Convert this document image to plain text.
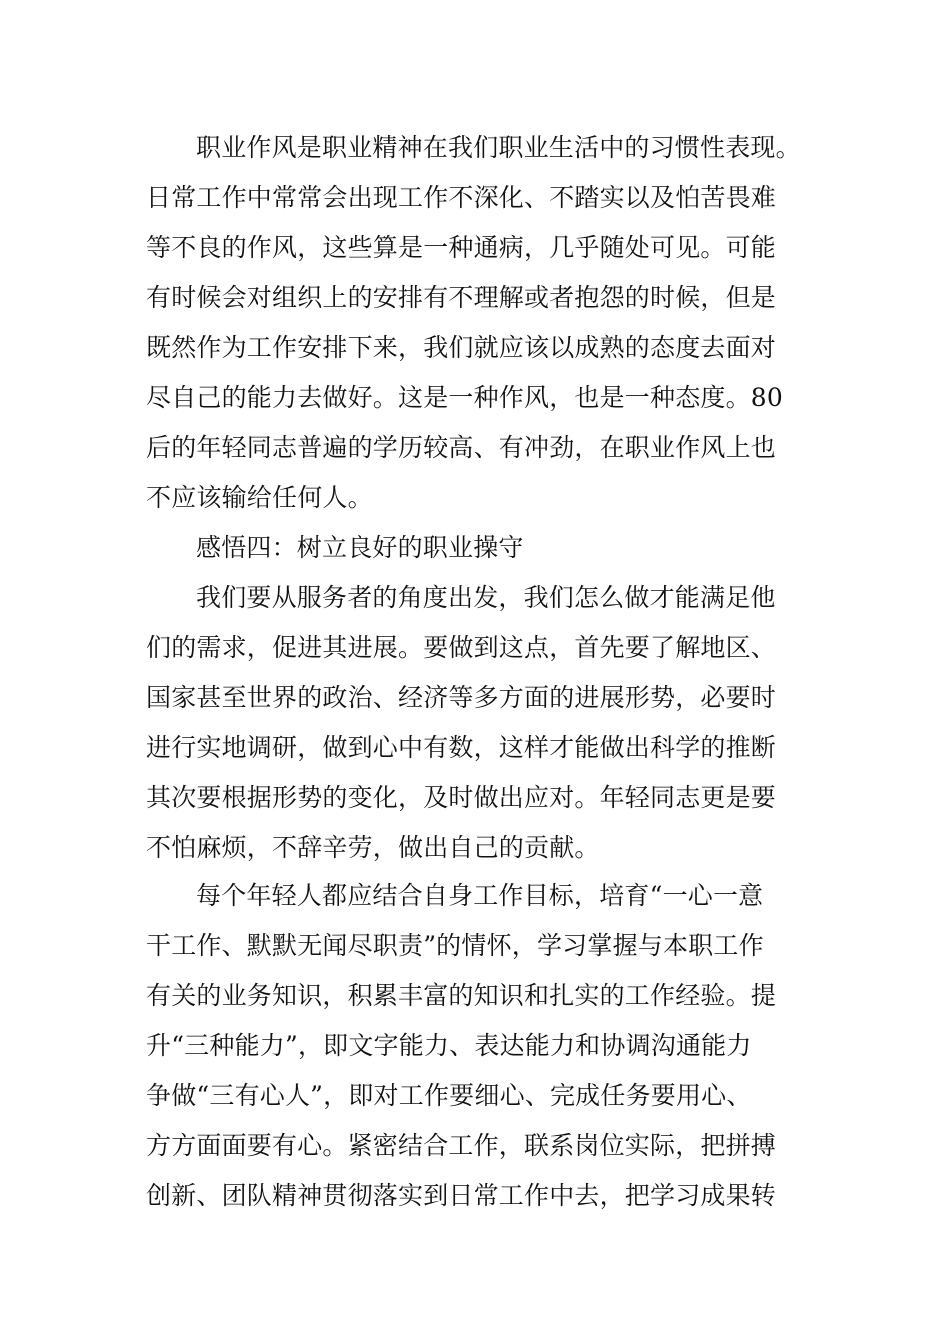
职业作风是职业精神在我们职业生活中的习惯性表现。
日常工作中常常会出现工作不深化、不踏实以及怕苦畏难
等不良的作风，这些算是一种通病，几乎随处可见。可能
有时候会对组织上的安排有不理解或者抱怨的时候，但是
既然作为工作安排下来，我们就应该以成熟的态度去面对
尽自己的能力去做好。这是一种作风，也是一种态度。80
后的年轻同志普遍的学历较高、有冲劲，在职业作风上也
不应该输给任何人。
感悟四：树立良好的职业操守
我们要从服务者的角度出发，我们怎么做才能满足他
们的需求，促进其进展。要做到这点，首先要了解地区、
国家甚至世界的政治、经济等多方面的进展形势，必要时
进行实地调研，做到心中有数，这样才能做出科学的推断
其次要根据形势的变化，及时做出应对。年轻同志更是要
不怕麻烦，不辞辛劳，做出自己的贡献。
每个年轻人都应结合自身工作目标，培育“一心一意
干工作、默默无闻尽职责”的情怀，学习掌握与本职工作
有关的业务知识，积累丰富的知识和扎实的工作经验。提
升“三种能力”，即文字能力、表达能力和协调沟通能力
争做“三有心人”，即对工作要细心、完成任务要用心、
方方面面要有心。紧密结合工作，联系岗位实际，把拼搏
创新、团队精神贯彻落实到日常工作中去，把学习成果转
